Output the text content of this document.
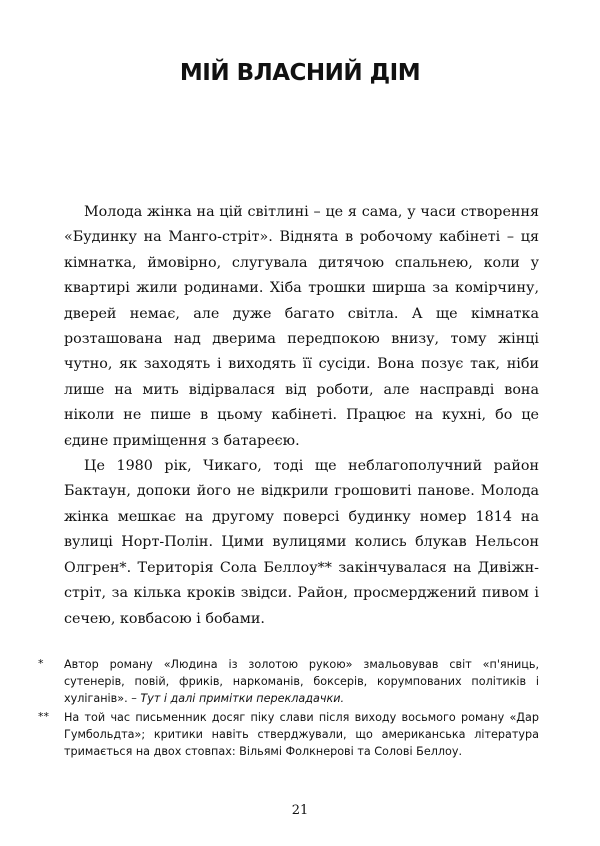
МІЙ ВЛАСНИЙ ДІМ

Молода жінка на цій світлині – це я сама, у часи створення «Будинку на Манго-стріт». Віднята в робочому кабінеті – ця кімнатка, ймовірно, слугувала дитячою спальнею, коли у квартирі жили родинами. Хіба трошки ширша за комірчину, дверей немає, але дуже багато світла. А ще кімнатка розташована над дверима передпокою внизу, тому жінці чутно, як заходять і виходять її сусіди. Вона позує так, ніби лише на мить відірвалася від роботи, але насправді вона ніколи не пише в цьому кабінеті. Працює на кухні, бо це єдине приміщення з батареєю.

Це 1980 рік, Чикаго, тоді ще неблагополучний район Бактаун, допоки його не відкрили грошовиті панове. Молода жінка мешкає на другому поверсі будинку номер 1814 на вулиці Норт-Полін. Цими вулицями колись блукав Нельсон Олгрен*. Територія Сола Беллоу** закінчувалася на Дивіжн-стріт, за кілька кроків звідси. Район, просмерджений пивом і сечею, ковбасою і бобами.

* Автор роману «Людина із золотою рукою» змальовував світ «п'яниць, сутенерів, повій, фриків, наркоманів, боксерів, корумпованих політиків і хуліганів». – Тут і далі примітки перекладачки.
** На той час письменник досяг піку слави після виходу восьмого роману «Дар Гумбольдта»; критики навіть стверджували, що американська література тримається на двох стовпах: Вільямі Фолкнерові та Солові Беллоу.
21
